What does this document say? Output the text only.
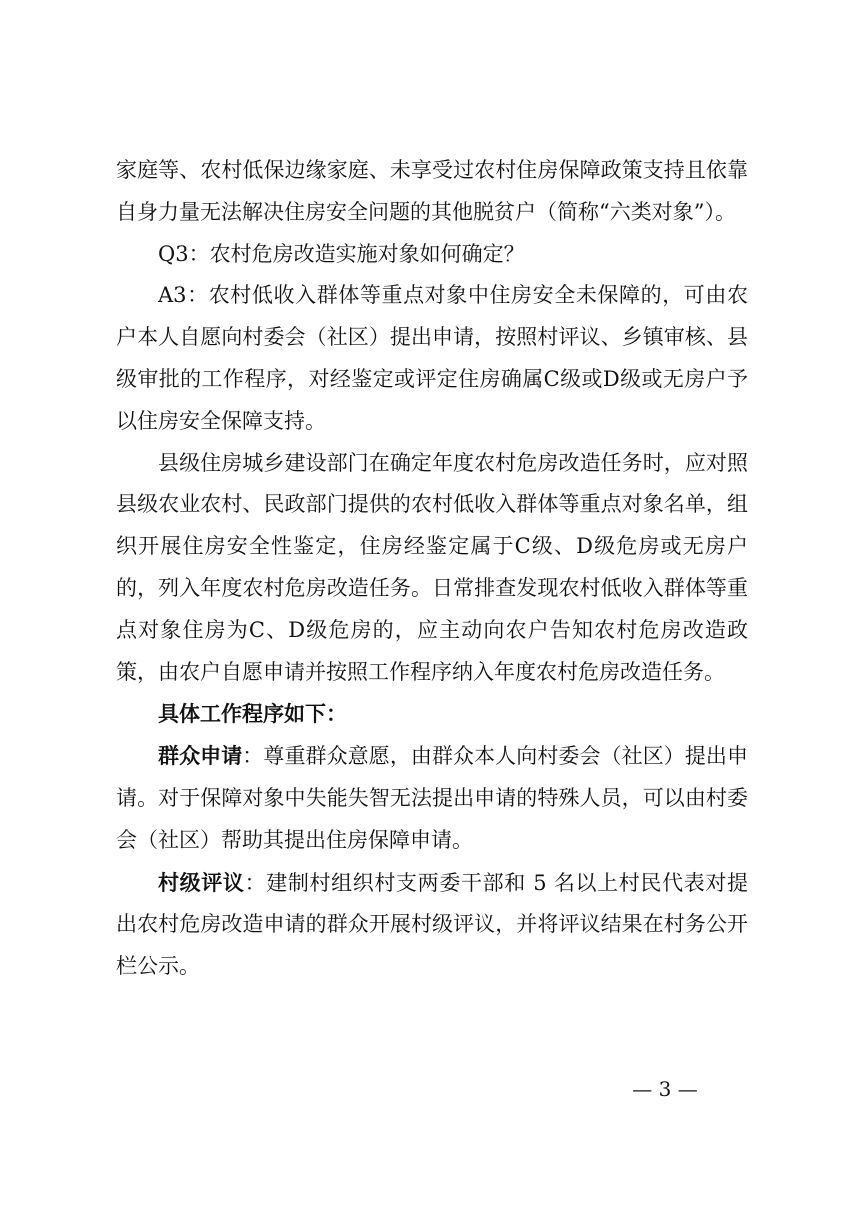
家庭等、农村低保边缘家庭、未享受过农村住房保障政策支持且依靠自身力量无法解决住房安全问题的其他脱贫户（简称“六类对象”）。

Q3：农村危房改造实施对象如何确定？

A3：农村低收入群体等重点对象中住房安全未保障的，可由农户本人自愿向村委会（社区）提出申请，按照村评议、乡镇审核、县级审批的工作程序，对经鉴定或评定住房确属C级或D级或无房户予以住房安全保障支持。

县级住房城乡建设部门在确定年度农村危房改造任务时，应对照县级农业农村、民政部门提供的农村低收入群体等重点对象名单，组织开展住房安全性鉴定，住房经鉴定属于C级、D级危房或无房户的，列入年度农村危房改造任务。日常排查发现农村低收入群体等重点对象住房为C、D级危房的，应主动向农户告知农村危房改造政策，由农户自愿申请并按照工作程序纳入年度农村危房改造任务。

具体工作程序如下：

群众申请：尊重群众意愿，由群众本人向村委会（社区）提出申请。对于保障对象中失能失智无法提出申请的特殊人员，可以由村委会（社区）帮助其提出住房保障申请。

村级评议：建制村组织村支两委干部和 5 名以上村民代表对提出农村危房改造申请的群众开展村级评议，并将评议结果在村务公开栏公示。

— 3 —
